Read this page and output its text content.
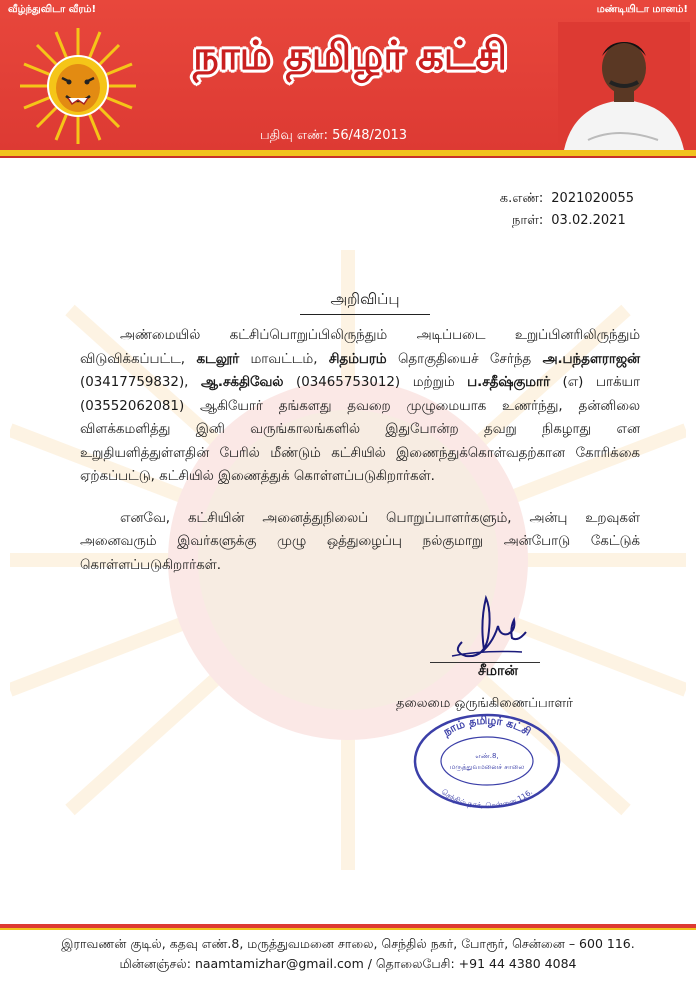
வீழ்ந்துவிடா வீரம்!	மண்டியிடா மானம்!
நாம் தமிழர் கட்சி
பதிவு எண்: 56/48/2013
க.எண்: 2021020055
நாள்: 03.02.2021
அறிவிப்பு

அண்மையில் கட்சிப்பொறுப்பிலிருந்தும் அடிப்படை உறுப்பினரிலிருந்தும் விடுவிக்கப்பட்ட, கடலூர் மாவட்டம், சிதம்பரம் தொகுதியைச் சேர்ந்த அ.பந்தளராஜன் (03417759832), ஆ.சக்திவேல் (03465753012) மற்றும் ப.சதீஷ்குமார் (எ) பாக்யா (03552062081) ஆகியோர் தங்களது தவறை முழுமையாக உணர்ந்து, தன்னிலை விளக்கமளித்து இனி வருங்காலங்களில் இதுபோன்ற தவறு நிகழாது என உறுதியளித்துள்ளதின் பேரில் மீண்டும் கட்சியில் இணைந்துக்கொள்வதற்கான கோரிக்கை ஏற்கப்பட்டு, கட்சியில் இணைத்துக் கொள்ளப்படுகிறார்கள்.

எனவே, கட்சியின் அனைத்துநிலைப் பொறுப்பாளர்களும், அன்பு உறவுகள் அனைவரும் இவர்களுக்கு முழு ஒத்துழைப்பு நல்குமாறு அன்போடு கேட்டுக் கொள்ளப்படுகிறார்கள்.

சீமான்
தலைமை ஒருங்கிணைப்பாளர்
நாம் தமிழர் கட்சி
எண்.8,
மருத்துவமனைச் சாலை
செந்தில் நகர், சென்னை 116.
இராவணன் குடில், கதவு எண்.8, மருத்துவமனை சாலை, செந்தில் நகர், போரூர், சென்னை – 600 116.
மின்னஞ்சல்: naamtamizhar@gmail.com / தொலைபேசி: +91 44 4380 4084
